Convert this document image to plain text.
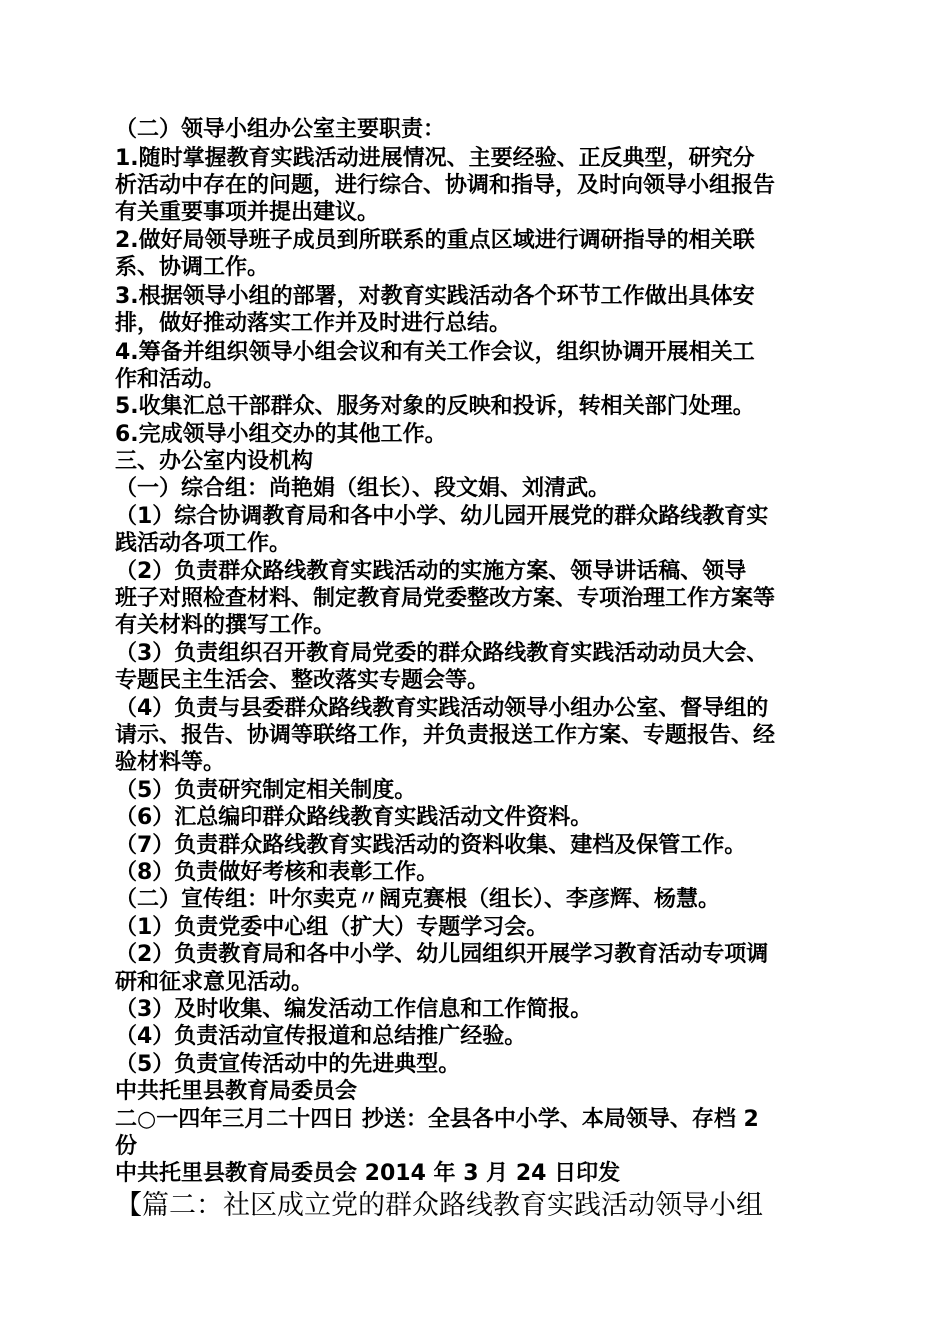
（二）领导小组办公室主要职责：
1.随时掌握教育实践活动进展情况、主要经验、正反典型，研究分
析活动中存在的问题，进行综合、协调和指导，及时向领导小组报告
有关重要事项并提出建议。
2.做好局领导班子成员到所联系的重点区域进行调研指导的相关联
系、协调工作。
3.根据领导小组的部署，对教育实践活动各个环节工作做出具体安
排，做好推动落实工作并及时进行总结。
4.筹备并组织领导小组会议和有关工作会议，组织协调开展相关工
作和活动。
5.收集汇总干部群众、服务对象的反映和投诉，转相关部门处理。
6.完成领导小组交办的其他工作。
三、办公室内设机构
（一）综合组：尚艳娟（组长）、段文娟、刘清武。
（1）综合协调教育局和各中小学、幼儿园开展党的群众路线教育实
践活动各项工作。
（2）负责群众路线教育实践活动的实施方案、领导讲话稿、领导
班子对照检查材料、制定教育局党委整改方案、专项治理工作方案等
有关材料的撰写工作。
（3）负责组织召开教育局党委的群众路线教育实践活动动员大会、
专题民主生活会、整改落实专题会等。
（4）负责与县委群众路线教育实践活动领导小组办公室、督导组的
请示、报告、协调等联络工作，并负责报送工作方案、专题报告、经
验材料等。
（5）负责研究制定相关制度。
（6）汇总编印群众路线教育实践活动文件资料。
（7）负责群众路线教育实践活动的资料收集、建档及保管工作。
（8）负责做好考核和表彰工作。
（二）宣传组：叶尔卖克〃阔克赛根（组长）、李彦辉、杨慧。
（1）负责党委中心组（扩大）专题学习会。
（2）负责教育局和各中小学、幼儿园组织开展学习教育活动专项调
研和征求意见活动。
（3）及时收集、编发活动工作信息和工作简报。
（4）负责活动宣传报道和总结推广经验。
（5）负责宣传活动中的先进典型。
中共托里县教育局委员会
二○一四年三月二十四日 抄送：全县各中小学、本局领导、存档 2
份
中共托里县教育局委员会 2014 年 3 月 24 日印发
【篇二：社区成立党的群众路线教育实践活动领导小组
